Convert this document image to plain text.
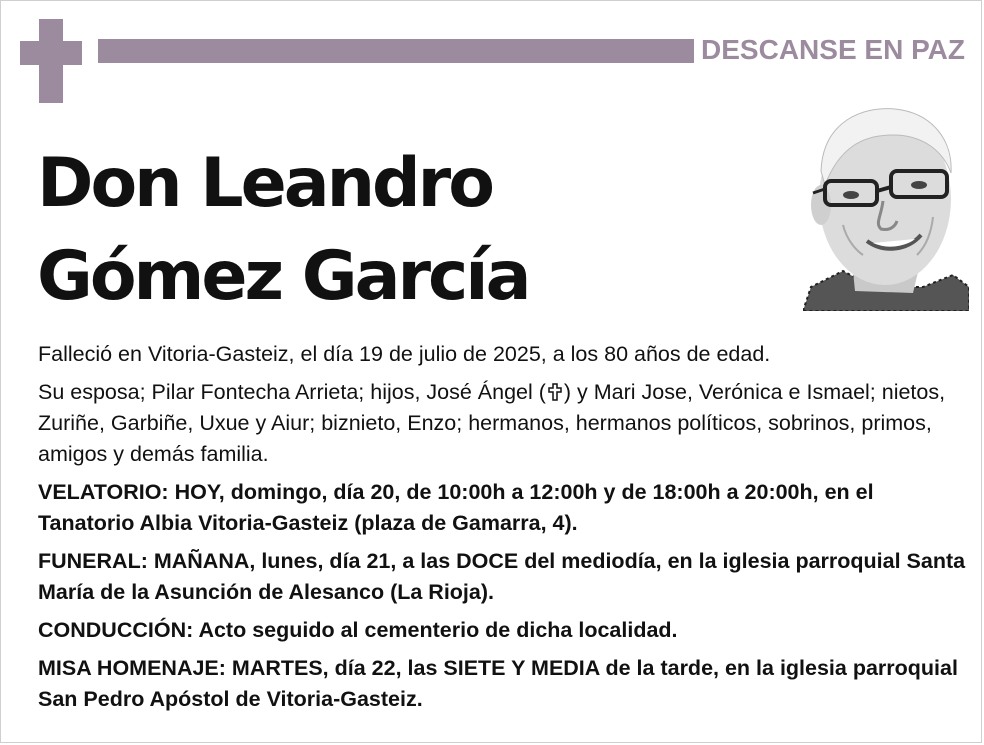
DESCANSE EN PAZ
Don Leandro
Gómez García
Falleció en Vitoria-Gasteiz, el día 19 de julio de 2025, a los 80 años de edad.
Su esposa; Pilar Fontecha Arrieta; hijos, José Ángel ( ) y Mari Jose, Verónica e Ismael; nietos, Zuriñe, Garbiñe, Uxue y Aiur; biznieto, Enzo; hermanos, hermanos políticos, sobrinos, primos, amigos y demás familia.
VELATORIO: HOY, domingo, día 20, de 10:00h a 12:00h y de 18:00h a 20:00h, en el Tanatorio Albia Vitoria-Gasteiz (plaza de Gamarra, 4).
FUNERAL: MAÑANA, lunes, día 21, a las DOCE del mediodía, en la iglesia parroquial Santa María de la Asunción de Alesanco (La Rioja).
CONDUCCIÓN: Acto seguido al cementerio de dicha localidad.
MISA HOMENAJE: MARTES, día 22, las SIETE Y MEDIA de la tarde, en la iglesia parroquial San Pedro Apóstol de Vitoria-Gasteiz.
